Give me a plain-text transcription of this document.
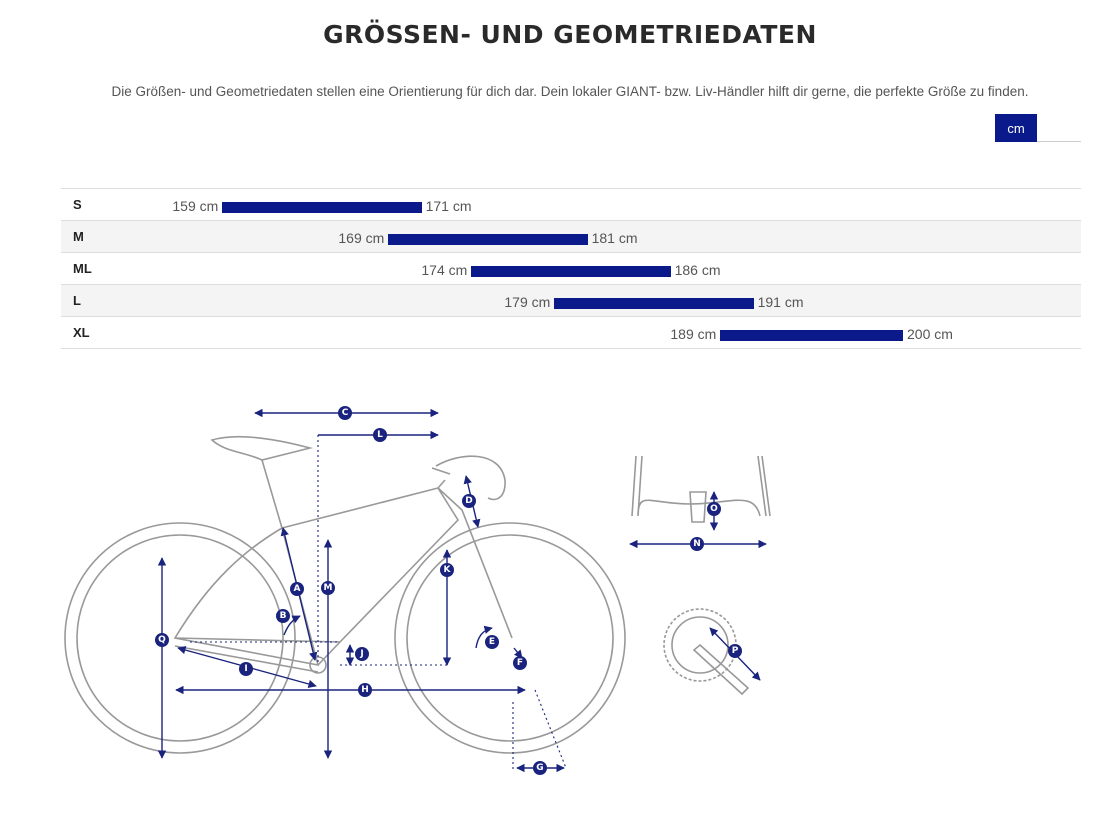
GRÖSSEN- UND GEOMETRIEDATEN
Die Größen- und Geometriedaten stellen eine Orientierung für dich dar. Dein lokaler GIANT- bzw. Liv-Händler hilft dir gerne, die perfekte Größe zu finden.
cm
S	159 cm	171 cm
M	169 cm	181 cm
ML	174 cm	186 cm
L	179 cm	191 cm
XL	189 cm	200 cm
C
L
D
K
M
A
B
Q	E
J
F
I
H
G
O
N
P
